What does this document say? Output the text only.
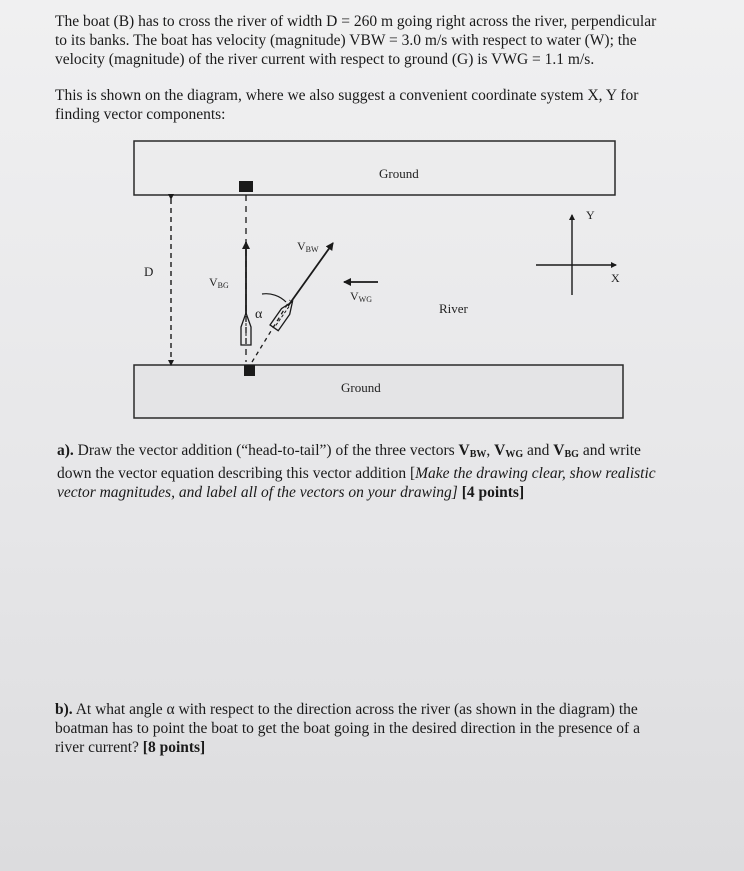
The boat (B) has to cross the river of width D = 260 m going right across the river, perpendicular
to its banks. The boat has velocity (magnitude) VBW = 3.0 m/s with respect to water (W); the
velocity (magnitude) of the river current with respect to ground (G) is VWG = 1.1 m/s.
This is shown on the diagram, where we also suggest a convenient coordinate system X, Y for
finding vector components:
Ground
Ground
River
D
VBG
VBW
α
VWG
Y
X
a). Draw the vector addition (“head-to-tail”) of the three vectors $V_{BW}$, $V_{WG}$ and $V_{BG}$ and write
down the vector equation describing this vector addition [Make the drawing clear, show realistic
vector magnitudes, and label all of the vectors on your drawing] [4 points]
b). At what angle α with respect to the direction across the river (as shown in the diagram) the
boatman has to point the boat to get the boat going in the desired direction in the presence of a
river current? [8 points]
